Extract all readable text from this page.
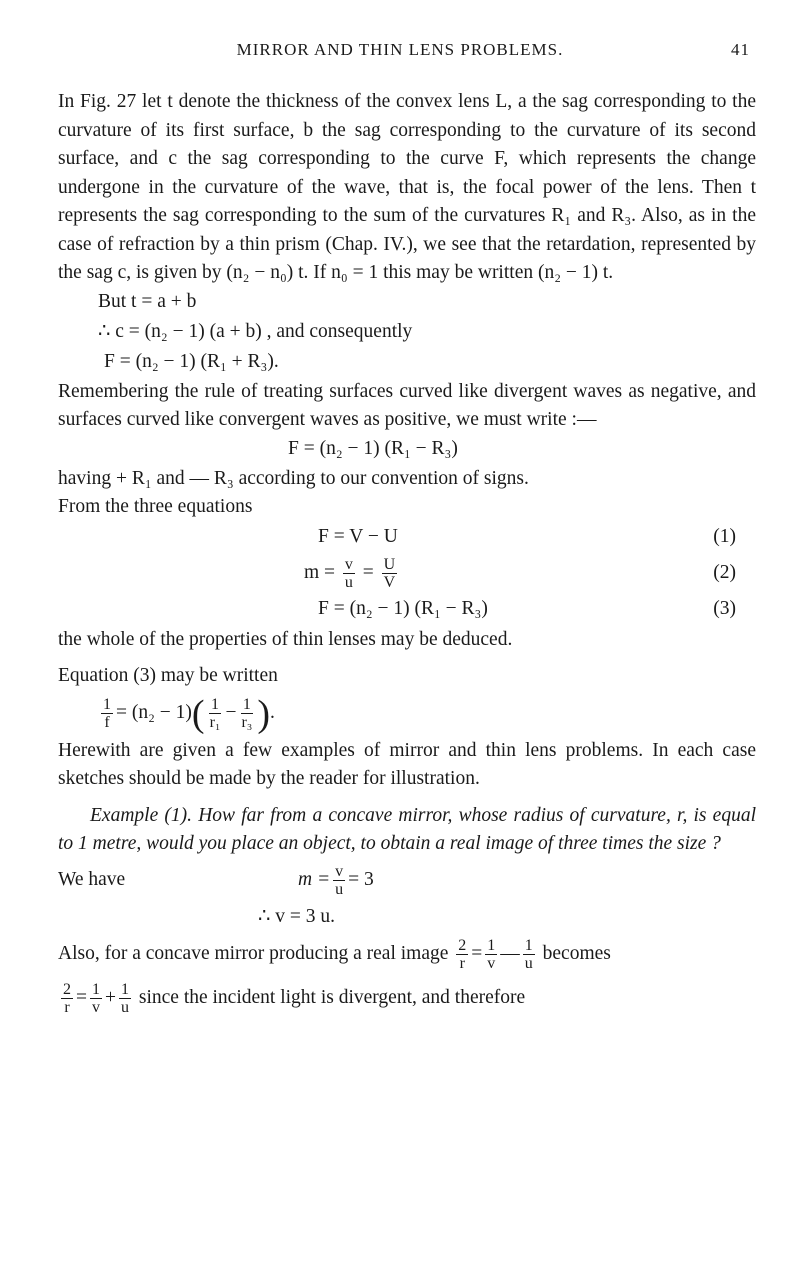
MIRROR AND THIN LENS PROBLEMS.	41

In Fig. 27 let t denote the thickness of the convex lens L, a the sag corresponding to the curvature of its first surface, b the sag corresponding to the curvature of its second surface, and c the sag corresponding to the curve F, which represents the change undergone in the curvature of the wave, that is, the focal power of the lens. Then t represents the sag corresponding to the sum of the curvatures R₁ and R₃. Also, as in the case of refraction by a thin prism (Chap. IV.), we see that the retardation, represented by the sag c, is given by (n₂ − n₀) t. If n₀ = 1 this may be written (n₂ − 1) t.

But t = a + b
∴ c = (n₂ − 1) (a + b) , and consequently
F = (n₂ − 1) (R₁ + R₃).

Remembering the rule of treating surfaces curved like divergent waves as negative, and surfaces curved like convergent waves as positive, we must write :—

F = (n₂ − 1) (R₁ − R₃)

having + R₁ and — R₃ according to our convention of signs.

From the three equations

F = V − U	(1)
$m = \frac{v}{u} = \frac{U}{V}$	(2)
F = (n₂ − 1) (R₁ − R₃)	(3)

the whole of the properties of thin lenses may be deduced.

Equation (3) may be written

$\frac{1}{f} = (n_2 - 1)$ ( $\frac{1}{\text{r₁}} - \frac{1}{\text{r₃}}$ ) .

Herewith are given a few examples of mirror and thin lens problems. In each case sketches should be made by the reader for illustration.

Example (1). How far from a concave mirror, whose radius of curvature, r, is equal to 1 metre, would you place an object, to obtain a real image of three times the size ?

We have	$m = \frac{v}{u} = 3$
∴ v = 3 u.
Also, for a concave mirror producing a real image
$\frac{2}{r} = \frac{1}{v}$ — $\frac{1}{u}$
becomes
$\frac{2}{r} = \frac{1}{v} + \frac{1}{u}$
since the incident light is divergent, and therefore
